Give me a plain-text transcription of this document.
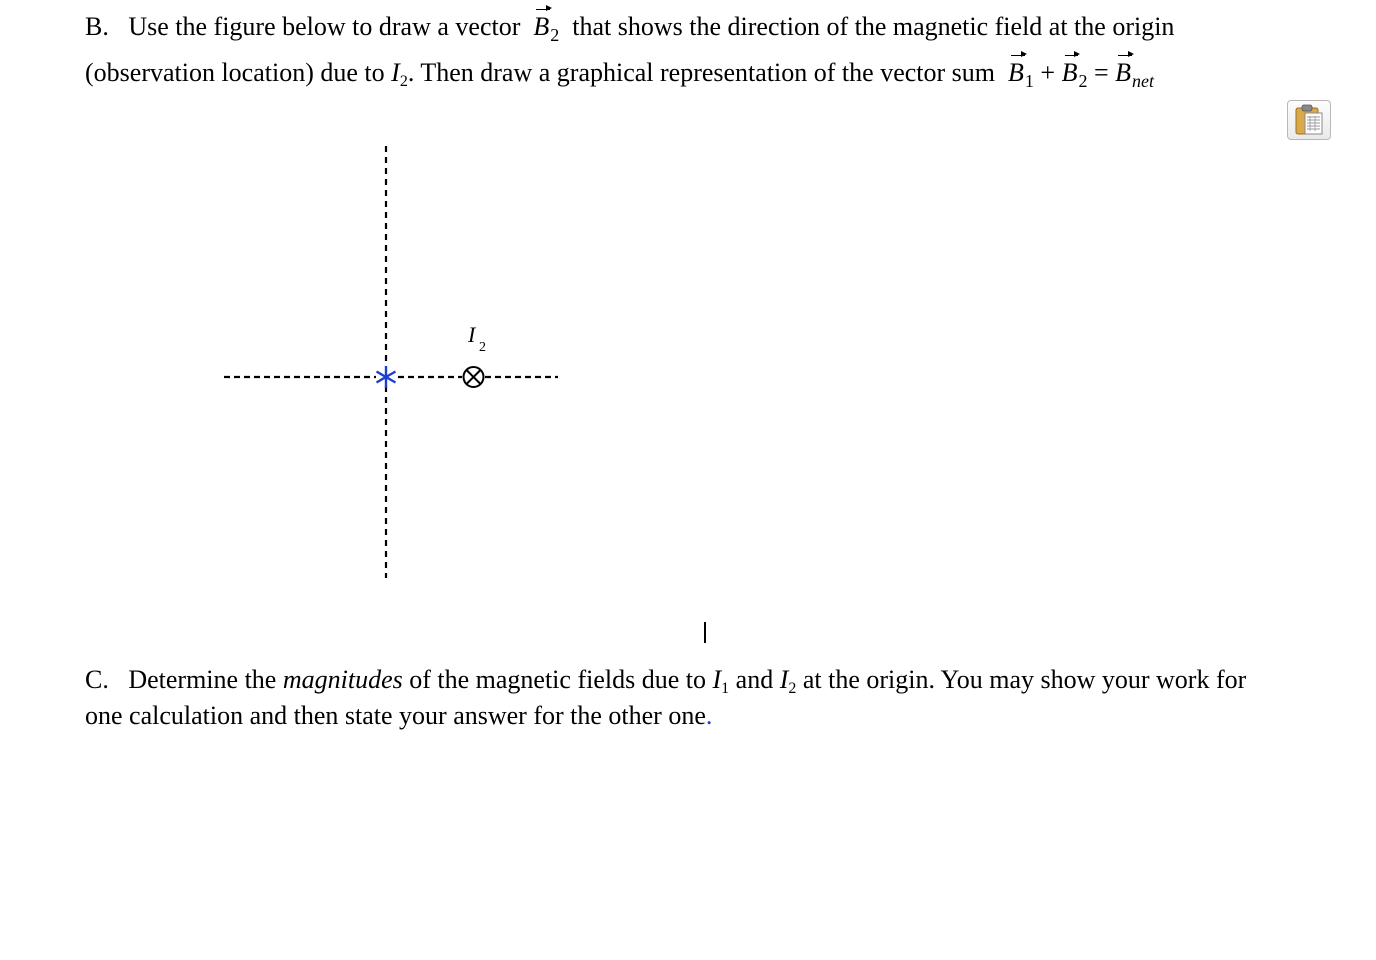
B. Use the figure below to draw a vector $B_2$ that shows the direction of the magnetic field at the origin
(observation location) due to I2. Then draw a graphical representation of the vector sum $B_1 + B_2 = B_{net}$
I
2
C. Determine the magnitudes of the magnetic fields due to I1 and I2 at the origin. You may show your work for
one calculation and then state your answer for the other one.
